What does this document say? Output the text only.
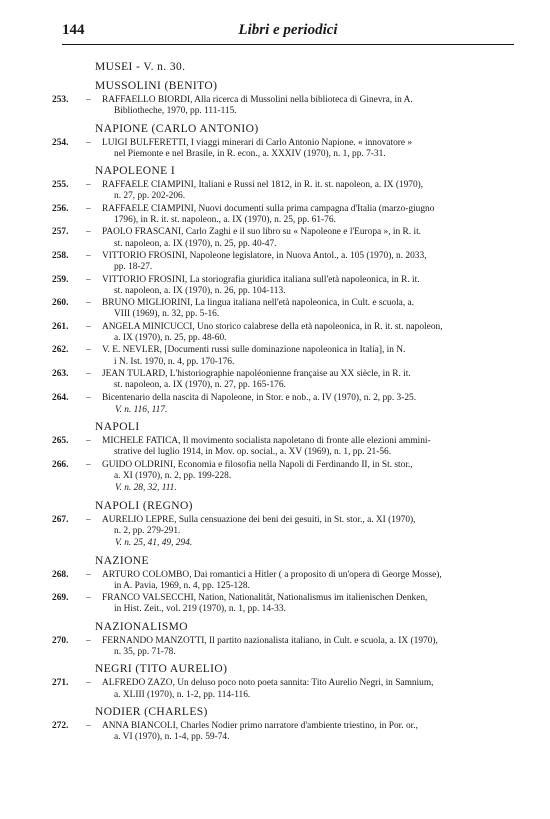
144	Libri e periodici
MUSEI - V. n. 30.
MUSSOLINI (BENITO)
253. – RAFFAELLO BIORDI, Alla ricerca di Mussolini nella biblioteca di Ginevra, in A.
Bibliotheche, 1970, pp. 111-115.
NAPIONE (CARLO ANTONIO)
254. – LUIGI BULFERETTI, I viaggi minerari di Carlo Antonio Napione. « innovatore »
nel Piemonte e nel Brasile, in R. econ., a. XXXIV (1970), n. 1, pp. 7-31.
NAPOLEONE I
255. – RAFFAELE CIAMPINI, Italiani e Russi nel 1812, in R. it. st. napoleon, a. IX (1970),
n. 27, pp. 202-206.
256. – RAFFAELE CIAMPINI, Nuovi documenti sulla prima campagna d'Italia (marzo-giugno
1796), in R. it. st. napoleon., a. IX (1970), n. 25, pp. 61-76.
257. – PAOLO FRASCANI, Carlo Zaghi e il suo libro su « Napoleone e l'Europa », in R. it.
st. napoleon, a. IX (1970), n. 25, pp. 40-47.
258. – VITTORIO FROSINI, Napoleone legislatore, in Nuova Antol., a. 105 (1970), n. 2033,
pp. 18-27.
259. – VITTORIO FROSINI, La storiografia giuridica italiana sull'età napoleonica, in R. it.
st. napoleon, a. IX (1970), n. 26, pp. 104-113.
260. – BRUNO MIGLIORINI, La lingua italiana nell'età napoleonica, in Cult. e scuola, a.
VIII (1969), n. 32, pp. 5-16.
261. – ANGELA MINICUCCI, Uno storico calabrese della età napoleonica, in R. it. st. napoleon,
a. IX (1970), n. 25, pp. 48-60.
262. – V. E. NEVLER, [Documenti russi sulle dominazione napoleonica in Italia], in N.
i N. Ist. 1970, n. 4, pp. 170-176.
263. – JEAN TULARD, L'historiographie napoléonienne française au XX siècle, in R. it.
st. napoleon, a. IX (1970), n. 27, pp. 165-176.
264. – Bicentenario della nascita di Napoleone, in Stor. e nob., a. IV (1970), n. 2, pp. 3-25.
V. n. 116, 117.
NAPOLI
265. – MICHELE FATICA, Il movimento socialista napoletano di fronte alle elezioni ammini-
strative del luglio 1914, in Mov. op. social., a. XV (1969), n. 1, pp. 21-56.
266. – GUIDO OLDRINI, Economia e filosofia nella Napoli di Ferdinando II, in St. stor.,
a. XI (1970), n. 2, pp. 199-228.
V. n. 28, 32, 111.
NAPOLI (REGNO)
267. – AURELIO LEPRE, Sulla censuazione dei beni dei gesuiti, in St. stor., a. XI (1970),
n. 2, pp. 279-291.
V. n. 25, 41, 49, 294.
NAZIONE
268. – ARTURO COLOMBO, Dai romantici a Hitler ( a proposito di un'opera di George Mosse),
in A. Pavia, 1969, n. 4, pp. 125-128.
269. – FRANCO VALSECCHI, Nation, Nationalität, Nationalismus im italienischen Denken,
in Hist. Zeit., vol. 219 (1970), n. 1, pp. 14-33.
NAZIONALISMO
270. – FERNANDO MANZOTTI, Il partito nazionalista italiano, in Cult. e scuola, a. IX (1970),
n. 35, pp. 71-78.
NEGRI (TITO AURELIO)
271. – ALFREDO ZAZO, Un deluso poco noto poeta sannita: Tito Aurelio Negri, in Samnium,
a. XLIII (1970), n. 1-2, pp. 114-116.
NODIER (CHARLES)
272. – ANNA BIANCOLI, Charles Nodier primo narratore d'ambiente triestino, in Por. or.,
a. VI (1970), n. 1-4, pp. 59-74.
